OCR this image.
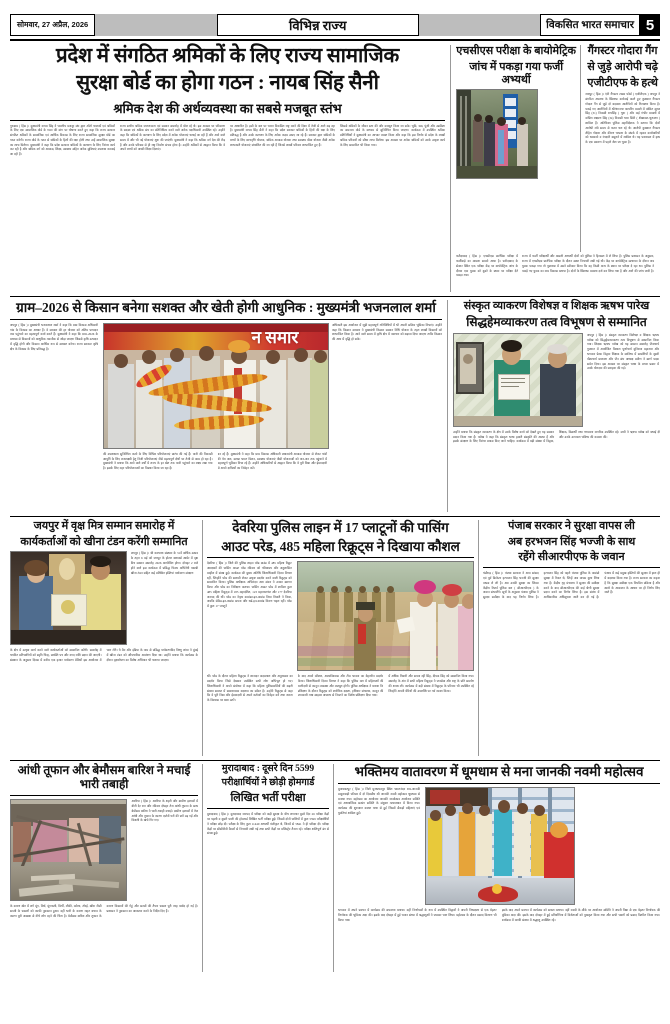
सोमवार, 27 अप्रैल, 2026	विभिन्न राज्य	विकसित भारत समाचार 5
प्रदेश में संगठित श्रमिकों के लिए राज्य सामाजिक
सुरक्षा बोर्ड का होगा गठन : नायब सिंह सैनी
श्रमिक देश की अर्थव्यवस्था का सबसे मजबूत स्तंभ
गुरुग्राम ( हिंस )। मुख्यमंत्री नायब सिंह ने भारतीय मजदूर संघ द्वारा ऑटो चालकों एवं श्रमिकों के लिए एक सामाजिक बोर्ड के गठन की मांग पर घोषणा करते हुए कहा कि राज्य सरकार संगठित श्रमिकों के सामाजिक एवं आर्थिक विकास के लिए राज्य सामाजिक सुरक्षा बोर्ड का गठन करेगी। राज्य बोर्ड के गठन से श्रमिकों के हितों की रक्षा होगी तथा उन्हें सामाजिक सुरक्षा का लाभ मिलेगा। मुख्यमंत्री ने कहा कि प्रदेश सरकार श्रमिकों के कल्याण के लिए निरंतर कार्य कर रही है और श्रमिक वर्ग को आवास, शिक्षा, स्वास्थ्य सहित अनेक सुविधाएं उपलब्ध करवाई जा रही हैं।
राज्य स्तरीय श्रमिक जागरूकता एवं सम्मान समारोह में बोल रहे थे। इस अवसर पर परिसरण के सदस्य एवं श्रमिक संघ का प्रतिनिधित्व करने वाले अनेक पदाधिकारी उपस्थित रहे। उन्होंने कहा कि श्रमिकों के कल्याण के लिए प्रदेश में अनेक योजनाएं चलाई जा रही हैं और आने वाले समय में और भी नई योजनाएं शुरू की जाएंगी। मुख्यमंत्री ने कहा कि श्रमिक वर्ग देश की रीढ़ है और उनके परिश्रम से ही राष्ट्र निर्माण संभव होता है। उन्होंने श्रमिकों से आह्वान किया कि वे अपने बच्चों को अच्छी शिक्षा दिलाएं।
पर आधारित है। इसी के बल पर भारत विकसित राष्ट्र बनने की दिशा में तेजी से आगे बढ़ रहा है। मुख्यमंत्री नायब सिंह सैनी ने कहा कि प्रदेश सरकार श्रमिकों के हितों की रक्षा के लिए प्रतिबद्ध है और उनके कल्याण के लिए अनेक कदम उठाए जा रहे हैं। सरकार द्वारा श्रमिकों के बच्चों के लिए छात्रवृत्ति योजना, श्रमिक आवास योजना तथा स्वास्थ्य बीमा योजना जैसी अनेक लाभकारी योजनाएं संचालित की जा रही हैं जिनसे लाखों परिवार लाभान्वित हुए हैं।
जिससे श्रमिकों के जीवन स्तर की और मजबूत किया जा सके। भूमि, श्रम, पूंजी और उद्यमिता का समन्वय बोर्ड के माध्यम से सुनिश्चित किया जाएगा। कार्यक्रम में उपस्थित श्रमिक प्रतिनिधियों ने मुख्यमंत्री का आभार व्यक्त किया और कहा कि इस निर्णय से प्रदेश के लाखों श्रमिक परिवारों को सीधा लाभ मिलेगा। इस अवसर पर अनेक श्रमिकों को उनके उत्कृष्ट कार्य के लिए सम्मानित भी किया गया।
एचसीएस परीक्षा के बायोमेट्रिक
जांच में पकड़ा गया फर्जी अभ्यर्थी
गैंगस्टर गोदारा गैंग
से जुड़े आरोपी चढ़े
एजीटीएफ के हत्थे
जयपुर ( हिंस )। एंटी गैंगस्टर टास्क फोर्स ( एजीटीएफ ) जयपुर ने संगठित अपराध के खिलाफ कार्रवाई करते हुए कुख्यात गैंगस्टर गोदारा गैंग से जुड़े दो बदमाश आरोपियों को गिरफ्तार किया है। पकड़े गए आरोपियों में श्रीगंगानगर फायरिंग मामले में वांछित सूरज सिंह (31) निवासी रायसिंह ( चूरू ) और कई गंभीर मामलों में वांछित लक्ष्मण सिंह (34) निवासी चारा सिटी ( शेखावाट-चूरूमण ) शामिल हैं। अतिरिक्त पुलिस महानिदेशक ने बताया कि दोनों आरोपी लंबे समय से फरार चल रहे थे। आरोपी कुख्यात गैंगस्टर रोहित गोदारा और कीरण चापला के संपर्क में रहकर कारोबारियों को धमकाने व रंगदारी वसूलने में शामिल थे। यह फरारमश में हाथ के एक प्रकरण में पहले जेल जा चुका है।
फरीदाबाद ( हिंस )। एचसीएस प्रारंभिक परीक्षा में फर्जीवाड़े का मामला सामने आया है। फरीदाबाद के सेक्टर स्थित एक परीक्षा केंद्र पर बायोमेट्रिक जांच के दौरान एक युवक को दूसरे के स्थान पर परीक्षा देते पकड़ा गया।
राज्य में फर्जी परीक्षार्थी और असली अभ्यर्थी दोनों को पुलिस ने हिरासत में ले लिया है। पुलिस प्रशासन के अनुसार, राज्य में एचसीएस प्रारंभिक परीक्षा के दौरान सख्त निगरानी रखी गई थी। केंद्र पर बायोमेट्रिक सत्यापन के दौरान जब युवक पकड़ा गया तो पूछताछ में उसने स्वीकार किया कि वह किसी अन्य के स्थान पर परीक्षा दे रहा था। पुलिस ने पकड़े गए युवक का नाम विकास बताया है। दोनों के खिलाफ मामला दर्ज कर लिया गया है और आगे की जांच जारी है।
ग्राम–2026 से किसान बनेगा सशक्त और खेती होगी आधुनिक : मुख्यमंत्री भजनलाल शर्मा
जयपुर ( हिंस )। मुख्यमंत्री भजनलाल शर्मा ने कहा कि ग्राम विकास अधिकारी गांव के विकास का आधार हैं। वे सरकार की हर योजना को अंतिम पायदान तक पहुंचाने का महत्वपूर्ण कार्य करते हैं। मुख्यमंत्री ने कहा कि ग्राम–2026 के माध्यम से किसानों को आधुनिक तकनीक से जोड़ा जाएगा जिससे कृषि उत्पादन में वृद्धि होगी और किसान आर्थिक रूप से सशक्त बनेगा। राज्य सरकार कृषि क्षेत्र के विकास के लिए प्रतिबद्ध है।
न समार
की उपलब्धता सुनिश्चित करने के लिए विभिन्न परियोजनाएं प्रारंभ की गई हैं। पानी की निकासी आपूर्ति के लिए राजलक्ष्मी हेतु निजी परियोजनाएं जैसे महत्वपूर्ण क्षेत्रों पर तेजी से काम हो रहा है। मुख्यमंत्री ने बताया कि आने वाले वर्षों में राज्य के हर खेत तक पानी पहुंचाने का लक्ष्य रखा गया है। इसके लिए नहर परियोजनाओं का विस्तार किया जा रहा है।
बन रहे हैं। मुख्यमंत्री ने कहा कि ग्राम विकास अधिकारी प्रधानमंत्री आवास योजना से लेकर गांवों की पेय जल, स्वच्छ भारत मिशन, स्वास्थ्य योजनाएं जैसी योजनाओं को जन-जन तक पहुंचाने में महत्वपूर्ण भूमिका निभा रहे हैं। उन्होंने अधिकारियों से आह्वान किया कि वे पूरी निष्ठा और ईमानदारी से अपने दायित्वों का निर्वहन करें।
अधिकारी इस आयोजन में जुड़ी महत्वपूर्ण गतिविधियों में भी अपनी सक्रिय भूमिका निभाएं। उन्होंने कहा कि किसान सरकार ने मुख्यमंत्री किसान सम्मान निधि योजना के तहत लाखों किसानों को लाभान्वित किया है। आने वाले समय में कृषि क्षेत्र में नवाचार को बढ़ावा दिया जाएगा ताकि किसान की आय में वृद्धि हो सके।
संस्कृत व्याकरण विशेषज्ञ व शिक्षक ऋषभ पारेख
सिद्धहेमव्याकरण तत्व विभूषण से सम्मानित
जयपुर ( हिंस )। संस्कृत व्याकरण विशेषज्ञ व शिक्षक ऋषभ पारेख को सिद्धहेमव्याकरण तत्व विभूषण से सम्मानित किया गया। शिक्षक ऋषभ पारेख को यह सम्मान समारोह जैनाचार्य गुजरात में आयोजित विशाल पूर्णाचार्य मुनिराज महाराज और भगवान प्रेरक विद्वान शिक्षक के सानिध्य में सत्संगियों के दूसरी पीठाचार्य मालवण और जैन संघ अध्यक्ष प्रवीण ने स्वर्ण पदक समेत दिया। इस अवसर पर संस्कृत भाषा के प्रचार प्रसार में उनके योगदान की सराहना की गई।
उन्होंने बताया कि संस्कृत व्याकरण के क्षेत्र में उनके विशेष कार्य को देखते हुए यह सम्मान प्रदान किया गया है। पारेख ने कहा कि संस्कृत भाषा हमारी संस्कृति की आत्मा है और इसके संरक्षण के लिए निरंतर प्रयास किए जाने चाहिए। कार्यक्रम में बड़ी संख्या में विद्वान, शिक्षक, विद्यार्थी तथा गणमान्य नागरिक उपस्थित रहे। सभी ने ऋषभ पारेख को बधाई दी और उनके उज्ज्वल भविष्य की कामना की।
जयपुर में वृक्ष मित्र सम्मान समारोह में
कार्यकर्ताओं को खीना टंडन करेंगी सम्मानित
जयपुर ( हिंस )। श्री कल्पतरु संस्थान के 31वें वार्षिक उत्सव के तहत 6 मई को जयपुर के होटल क्लार्क्स आमेर में वृक्ष मित्र सम्मान समारोह 2026 आयोजित होगा। दोपहर 2 बजे होने वाले इस कार्यक्रम में प्रसिद्ध फिल्म अभिनेत्री पद्मश्री खीना टंडन सहित कई प्रतिष्ठित हस्तियां पर्यावरण संरक्षण
के क्षेत्र में उत्कृष्ट कार्य करने वाले कार्यकर्ताओं को सम्मानित करेंगी। समारोह में चयनित प्रतिभागियों को स्मृति चिन्ह, प्रशस्ति पत्र और नगद राशि प्रदान की जाएगी। संस्थान के अनुसार दिवस में करीब एक हजार पर्यावरण प्रेमियों इस आयोजन में भाग लेंगे। ये मैन और इंडिया के नाम से प्रसिद्ध पर्यावरणविद विष्णु लांबा ने मुंबई में खीना टंडन को औपचारिक आमंत्रण दिया था। उन्होंने बताया कि कार्यक्रम के दौरान वृक्षारोपण का विशेष अभियान भी चलाया जाएगा।
देवरिया पुलिस लाइन में 17 प्लाटूनों की पासिंग
आउट परेड, 485 महिला रिक्रूट्स ने दिखाया कौशल
देवरिया ( हिंस )। जिले की पुलिस लाइन परेड ग्राउंड में 485 महिला रिक्रूट आरक्षकों की पासिंग आउट परेड रविवार को गरिमामय और अनुशासित माहौल में संपन्न हुई। कार्यक्रम की मुख्य अतिथि जिलाधिकारी दिव्या मित्तल रहीं, जिन्होंने परेड की सलामी लेकर उत्कृष्ट प्रदर्शन करने वाली रिक्रूट्स को सम्मानित किया। पुलिस अधीक्षक अभिनंदन अश संकर ने उनका स्वागत किया और परेड का निरीक्षण कराया। पासिंग आउट परेड में शामिल कुल 485 महिला रिक्रूट्स में 185 महादलित, 123 महाराजगंज और 177 देवरिया जनपद की थीं। परेड का नेतृत्व कमांडर-इन-कमांड विभा तिवारी ने किया, जबकि सेकेंड-इन-कमांड सपना और थर्ड-इन-कमांड किरण चहल रहीं। परेड में कुल 17 प्लाटूनें
थीं। परेड के दौरान महिला रिक्रूट्स ने शानदार कदमताल और अनुशासन का प्रदर्शन किया जिसे देखकर उपस्थित सभी लोग अभिभूत हो गए। जिलाधिकारी ने अपने संबोधन में कहा कि महिला पुलिसकर्मियों की बढ़ती संख्या समाज में सकारात्मक बदलाव का संकेत है। उन्होंने रिक्रूट्स से कहा कि वे पूरी निष्ठा और ईमानदारी से अपने कर्तव्यों का निर्वहन करें तथा जनता के विश्वास पर खरा उतरें।
के बाद अपने कौशल, आत्मविश्वास और टीम भावना का बेहतरीन प्रदर्शन किया। जिलाधिकारी दिव्या मित्तल ने कहा कि पुलिस बल में महिलाओं की भागीदारी से कानून व्यवस्था और मजबूत होगी। पुलिस अधीक्षक ने बताया कि प्रशिक्षण के दौरान रिक्रूट्स को शारीरिक दक्षता, हथियार संचालन, कानून की जानकारी तथा साइबर अपराध से निपटने का विशेष प्रशिक्षण दिया गया।
में अधिक तिवारी और सपना रहीं सिंह, दीपक सिंह को सम्मानित किया गया। समारोह के अंत में सभी महिला रिक्रूट्स ने जनसेवा और राष्ट्र के प्रति समर्पण की शपथ ली। कार्यक्रम में बड़ी संख्या में रिक्रूट्स के परिजन भी उपस्थित रहे जिन्होंने अपनी बेटियों की उपलब्धि पर गर्व व्यक्त किया।
पंजाब सरकार ने सुरक्षा वापस ली
अब हरभजन सिंह भज्जी के साथ
रहेंगे सीआरपीएफ के जवान
चंडीगढ़ ( हिंस )। पंजाब सरकार ने आप सांसद एवं पूर्व क्रिकेटर हरभजन सिंह भज्जी की सुरक्षा वापस ले ली है। अब उनकी सुरक्षा का जिम्मा केंद्रीय रिजर्व पुलिस बल ( सीआरपीएफ ) के जवान संभालेंगे। सूत्रों के अनुसार पंजाब पुलिस ने सुरक्षा समीक्षा के बाद यह निर्णय लिया है। हरभजन सिंह को पहले पंजाब पुलिस के कमांडो सुरक्षा में तैनात थे, जिन्हें अब वापस बुला लिया गया है। केंद्रीय गृह मंत्रालय ने सुरक्षा की समीक्षा करने के बाद सीआरपीएफ की वाई श्रेणी सुरक्षा प्रदान करने का निर्णय लिया है। इस संबंध में आधिकारिक अधिसूचना जारी कर दी गई है। पंजाब में कई प्रमुख हस्तियों की सुरक्षा में हाल ही में बदलाव किया गया है। राज्य सरकार का कहना है कि सुरक्षा समीक्षा एक नियमित प्रक्रिया है और खतरे के आकलन के आधार पर ही निर्णय लिए जाते हैं।
आंधी तूफान और बेमौसम बारिश ने मचाई भारी तबाही
अररिया ( हिंस )। अररिया के शहरी और ग्रामीण इलाकों में बीती देर रात और रविवार दोपहर तेज आंधी तूफान के साथ बेमौसम बारिश ने भारी तबाही मचाई। ग्रामीण इलाकों में तेज आंधी और तूफान के कारण दर्जनों घरों की छतें उड़ गईं और बिजली के खंभे गिर गए।
के कारण खेत में लगे मूंग, मिर्च, मूंगफली, मिर्ची, लौकी, करेला, तोरई, खीरा जैसी सब्जी के फसलों को काफी नुकसान हुआ। वहीं भारी के कारण राहत बचाव के कारण बुरी अवस्था से नीचे लोग रहने की चिंता है। बेमौसम बारिश और तूफान के कारण किसानों की गेहूं और सरसों की तैयार फसल पूरी तरह बर्बाद हो गई है। प्रशासन ने नुकसान का आकलन करने के निर्देश दिए हैं।
मुरादाबाद : दूसरे दिन 5599
परीक्षार्थियों ने छोड़ी होमगार्ड
लिखित भर्ती परीक्षा
मुरादाबाद ( हिंस )। मुरादाबाद जनपद में परीक्षा को कड़ी सुरक्षा के बीच लगातार दूसरे दिन 26 परीक्षा केंद्रों पर पहली व दूसरी पाली की होमगार्ड लिखित भर्ती परीक्षा हुई। जिसमें दोनों पालियों में कुल 5599 परीक्षार्थियों ने परीक्षा छोड़ दी। परीक्षा के लिए कुल 11440 अभ्यर्थी पंजीकृत थे, जिनमें से 5841 ने ही परीक्षा दी। परीक्षा केंद्रों पर सीसीटीवी कैमरों से निगरानी रखी गई तथा सभी केंद्रों पर मजिस्ट्रेट तैनात रहे। परीक्षा शांतिपूर्ण ढंग से संपन्न हुई।
भक्तिमय वातावरण में धूमधाम से मना जानकी नवमी महोत्सव
मुजफ्फरपुर ( हिंस )। जिले मुजफ्फरपुर स्थित भारतनंदन राम-जानकी ठाकुरबाड़ी परिसर में दो दिवसीय श्री जानकी नवमी महोत्सव धूमधाम से मनाया गया। महोत्सव का आयोजन जानकी जन्मोत्सव आयोजन समिति एवं आध्यात्मिक सत्संग समिति के संयुक्त तत्वावधान में किया गया। कार्यक्रम की शुरुआत कलश यात्रा से हुई जिसमें सैकड़ों महिलाएं एवं युवतियां शामिल हुईं।
भगवान में अपने प्रवचन में कार्यक्रम की सफलता बताया। वहीं निर्णायकों के रूप में उपस्थित विद्वानों ने अपनी निष्पक्षता से एक बेहतर निर्णायक की भूमिका अदा की। इसके बाद दोपहर में हुई भजन संध्या में श्रद्धालुओं ने जमकर भाग लिया। महोत्सव के दौरान प्रसाद वितरण भी किया गया।
इसके बाद अपने प्रवचन में कार्यक्रम को सफल बताया। वहीं नवमी के मौके पर आयोजन समिति ने अपनी निष्ठा से एक बेहतर निर्णायक की भूमिका अदा की। इसके बाद दोपहर में हुई प्रतियोगिता में विजेताओं को पुरस्कृत किया गया और सभी भक्तों को प्रसाद वितरित किया गया। कार्यक्रम में काफी संख्या में श्रद्धालु उपस्थित रहे।
